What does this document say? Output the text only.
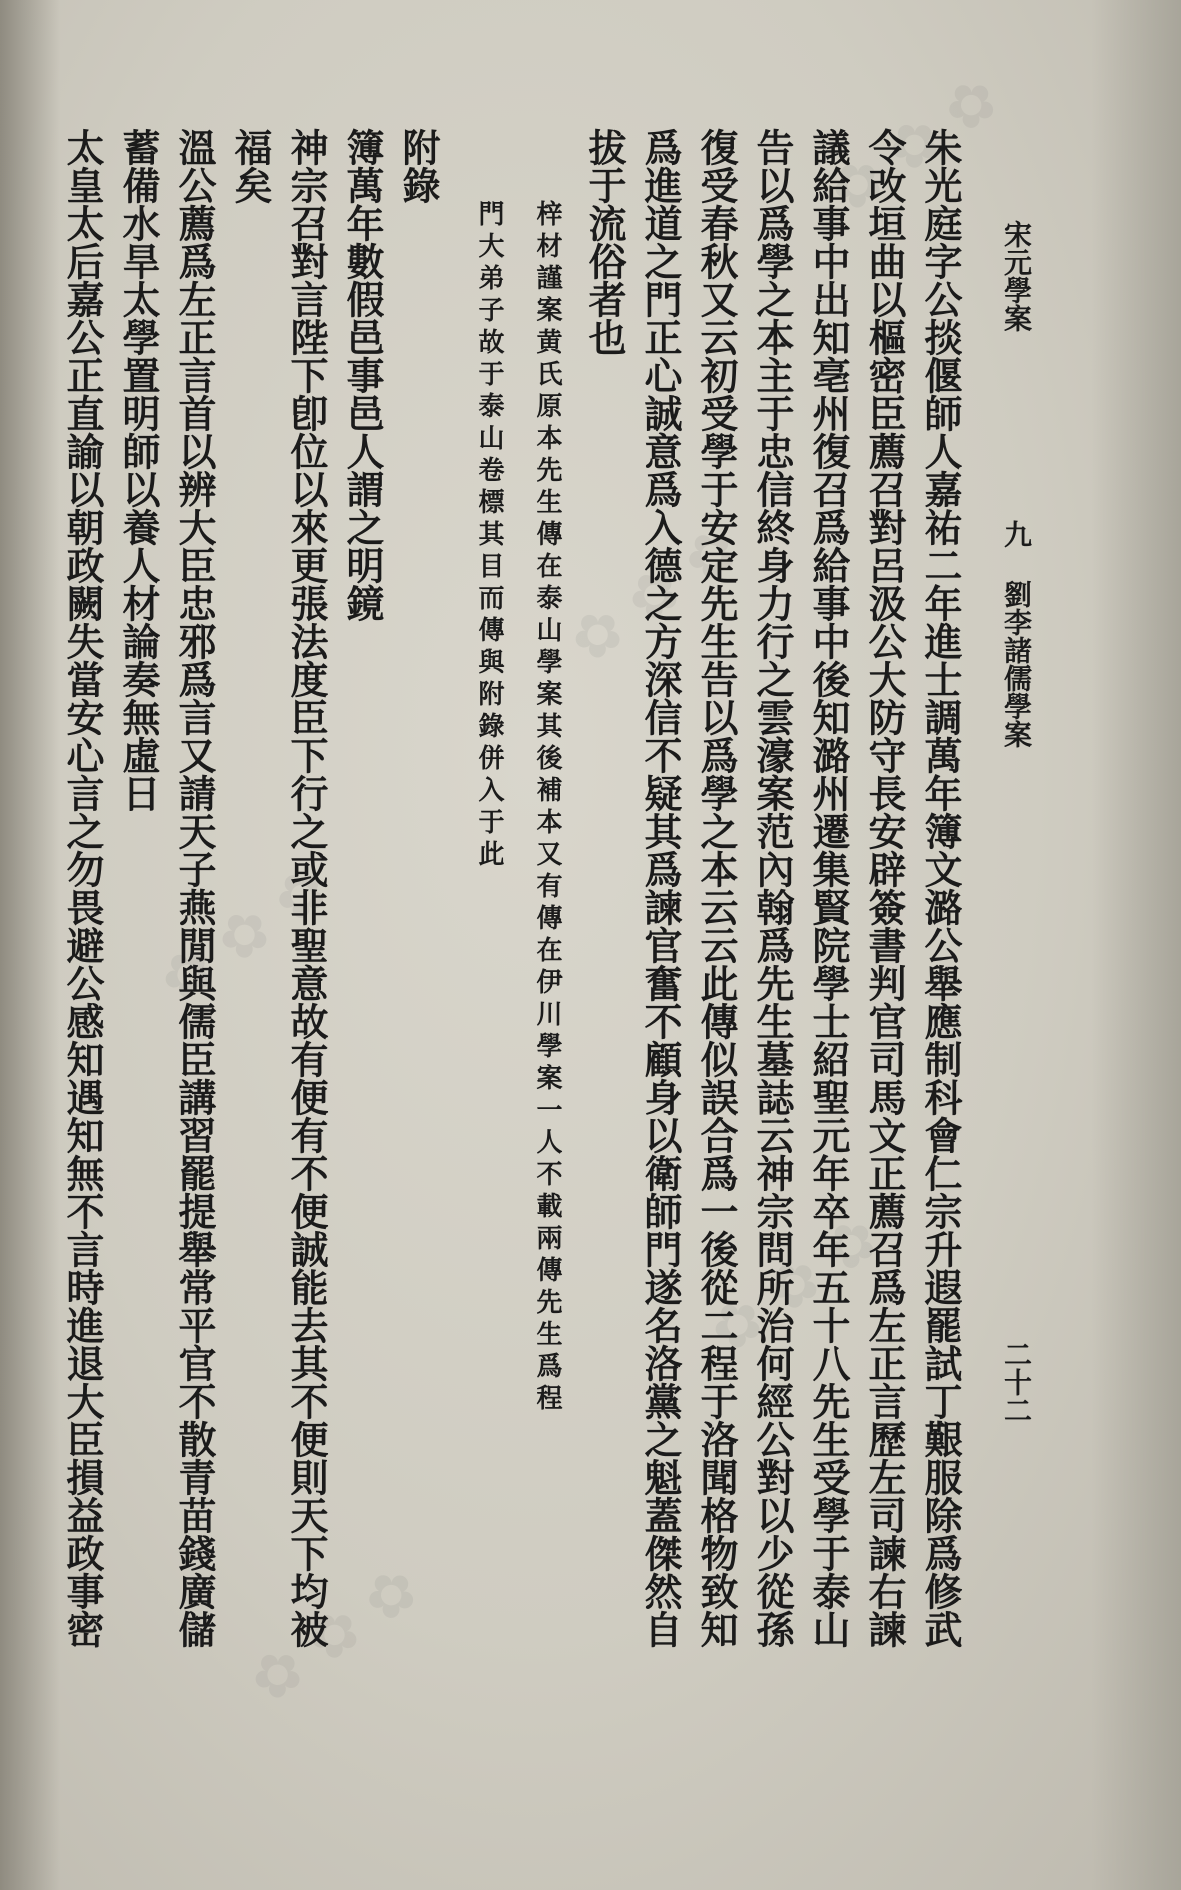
✿ ✿ ✿
✿ ✿ ✿
✿ ✿ ✿
✿ ✿ ✿
✿ ✿ ✿
宋元學案
九
劉李諸儒學案
二十二
朱光庭字公掞偃師人嘉祐二年進士調萬年簿文潞公舉應制科會仁宗升遐罷試丁艱服除爲修武
令改垣曲以樞密臣薦召對呂汲公大防守長安辟簽書判官司馬文正薦召爲左正言歷左司諫右諫
議給事中出知亳州復召爲給事中後知潞州遷集賢院學士紹聖元年卒年五十八先生受學于泰山
告以爲學之本主于忠信終身力行之雲濠案范內翰爲先生墓誌云神宗問所治何經公對以少從孫
復受春秋又云初受學于安定先生告以爲學之本云云此傳似誤合爲一後從二程于洛聞格物致知
爲進道之門正心誠意爲入德之方深信不疑其爲諫官奮不顧身以衛師門遂名洛黨之魁蓋傑然自
拔于流俗者也
梓材謹案黄氏原本先生傳在泰山學案其後補本又有傳在伊川學案一人不載兩傳先生爲程
門大弟子故于泰山卷標其目而傳與附錄併入于此
附錄
簿萬年數假邑事邑人謂之明鏡
神宗召對言陛下卽位以來更張法度臣下行之或非聖意故有便有不便誠能去其不便則天下均被
福矣
溫公薦爲左正言首以辨大臣忠邪爲言又請天子燕閒與儒臣講習罷提舉常平官不散青苗錢廣儲
蓄備水旱太學置明師以養人材論奏無虛日
太皇太后嘉公正直諭以朝政闕失當安心言之勿畏避公感知遇知無不言時進退大臣損益政事密
